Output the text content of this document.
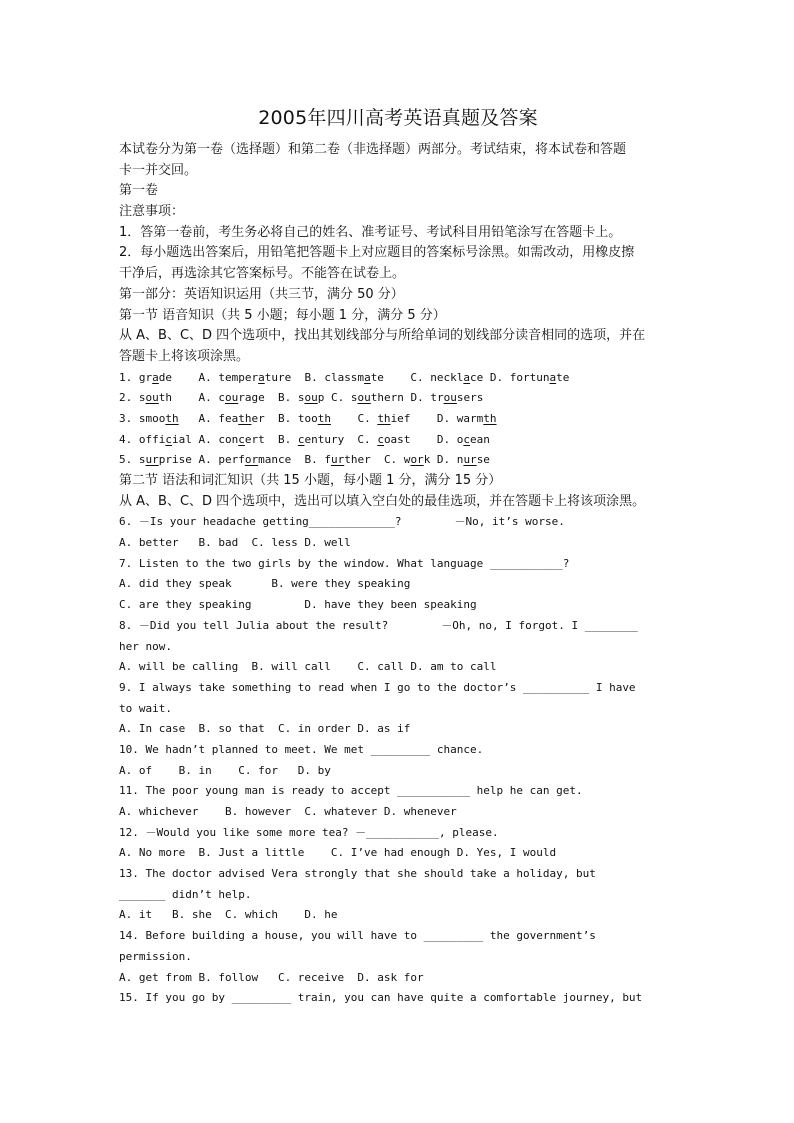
2005年四川高考英语真题及答案
本试卷分为第一卷（选择题）和第二卷（非选择题）两部分。考试结束，将本试卷和答题
卡一并交回。
第一卷
注意事项：
1．答第一卷前，考生务必将自己的姓名、准考证号、考试科目用铅笔涂写在答题卡上。
2．每小题选出答案后，用铅笔把答题卡上对应题目的答案标号涂黑。如需改动，用橡皮擦
干净后，再选涂其它答案标号。不能答在试卷上。
第一部分：英语知识运用（共三节，满分 50 分）
第一节 语音知识（共 5 小题；每小题 1 分，满分 5 分）
从 A、B、C、D 四个选项中，找出其划线部分与所给单词的划线部分读音相同的选项，并在
答题卡上将该项涂黑。
1. grade    A. temperature  B. classmate    C. necklace D. fortunate
2. south    A. courage  B. soup C. southern D. trousers
3. smooth   A. feather  B. tooth    C. thief    D. warmth
4. official A. concert  B. century  C. coast    D. ocean
5. surprise A. performance  B. further  C. work D. nurse
第二节 语法和词汇知识（共 15 小题，每小题 1 分，满分 15 分）
从 A、B、C、D 四个选项中，选出可以填入空白处的最佳选项，并在答题卡上将该项涂黑。
6. －Is your headache getting_____________?        －No, it’s worse.
A. better   B. bad  C. less D. well
7. Listen to the two girls by the window. What language ___________?
A. did they speak      B. were they speaking
C. are they speaking        D. have they been speaking
8. －Did you tell Julia about the result?        －Oh, no, I forgot. I ________
her now.
A. will be calling  B. will call    C. call D. am to call
9. I always take something to read when I go to the doctor’s __________ I have
to wait.
A. In case  B. so that  C. in order D. as if
10. We hadn’t planned to meet. We met _________ chance.
A. of    B. in    C. for   D. by
11. The poor young man is ready to accept ___________ help he can get.
A. whichever    B. however  C. whatever D. whenever
12. －Would you like some more tea? －___________, please.
A. No more  B. Just a little    C. I’ve had enough D. Yes, I would
13. The doctor advised Vera strongly that she should take a holiday, but
_______ didn’t help.
A. it   B. she  C. which    D. he
14. Before building a house, you will have to _________ the government’s
permission.
A. get from B. follow   C. receive  D. ask for
15. If you go by _________ train, you can have quite a comfortable journey, but
